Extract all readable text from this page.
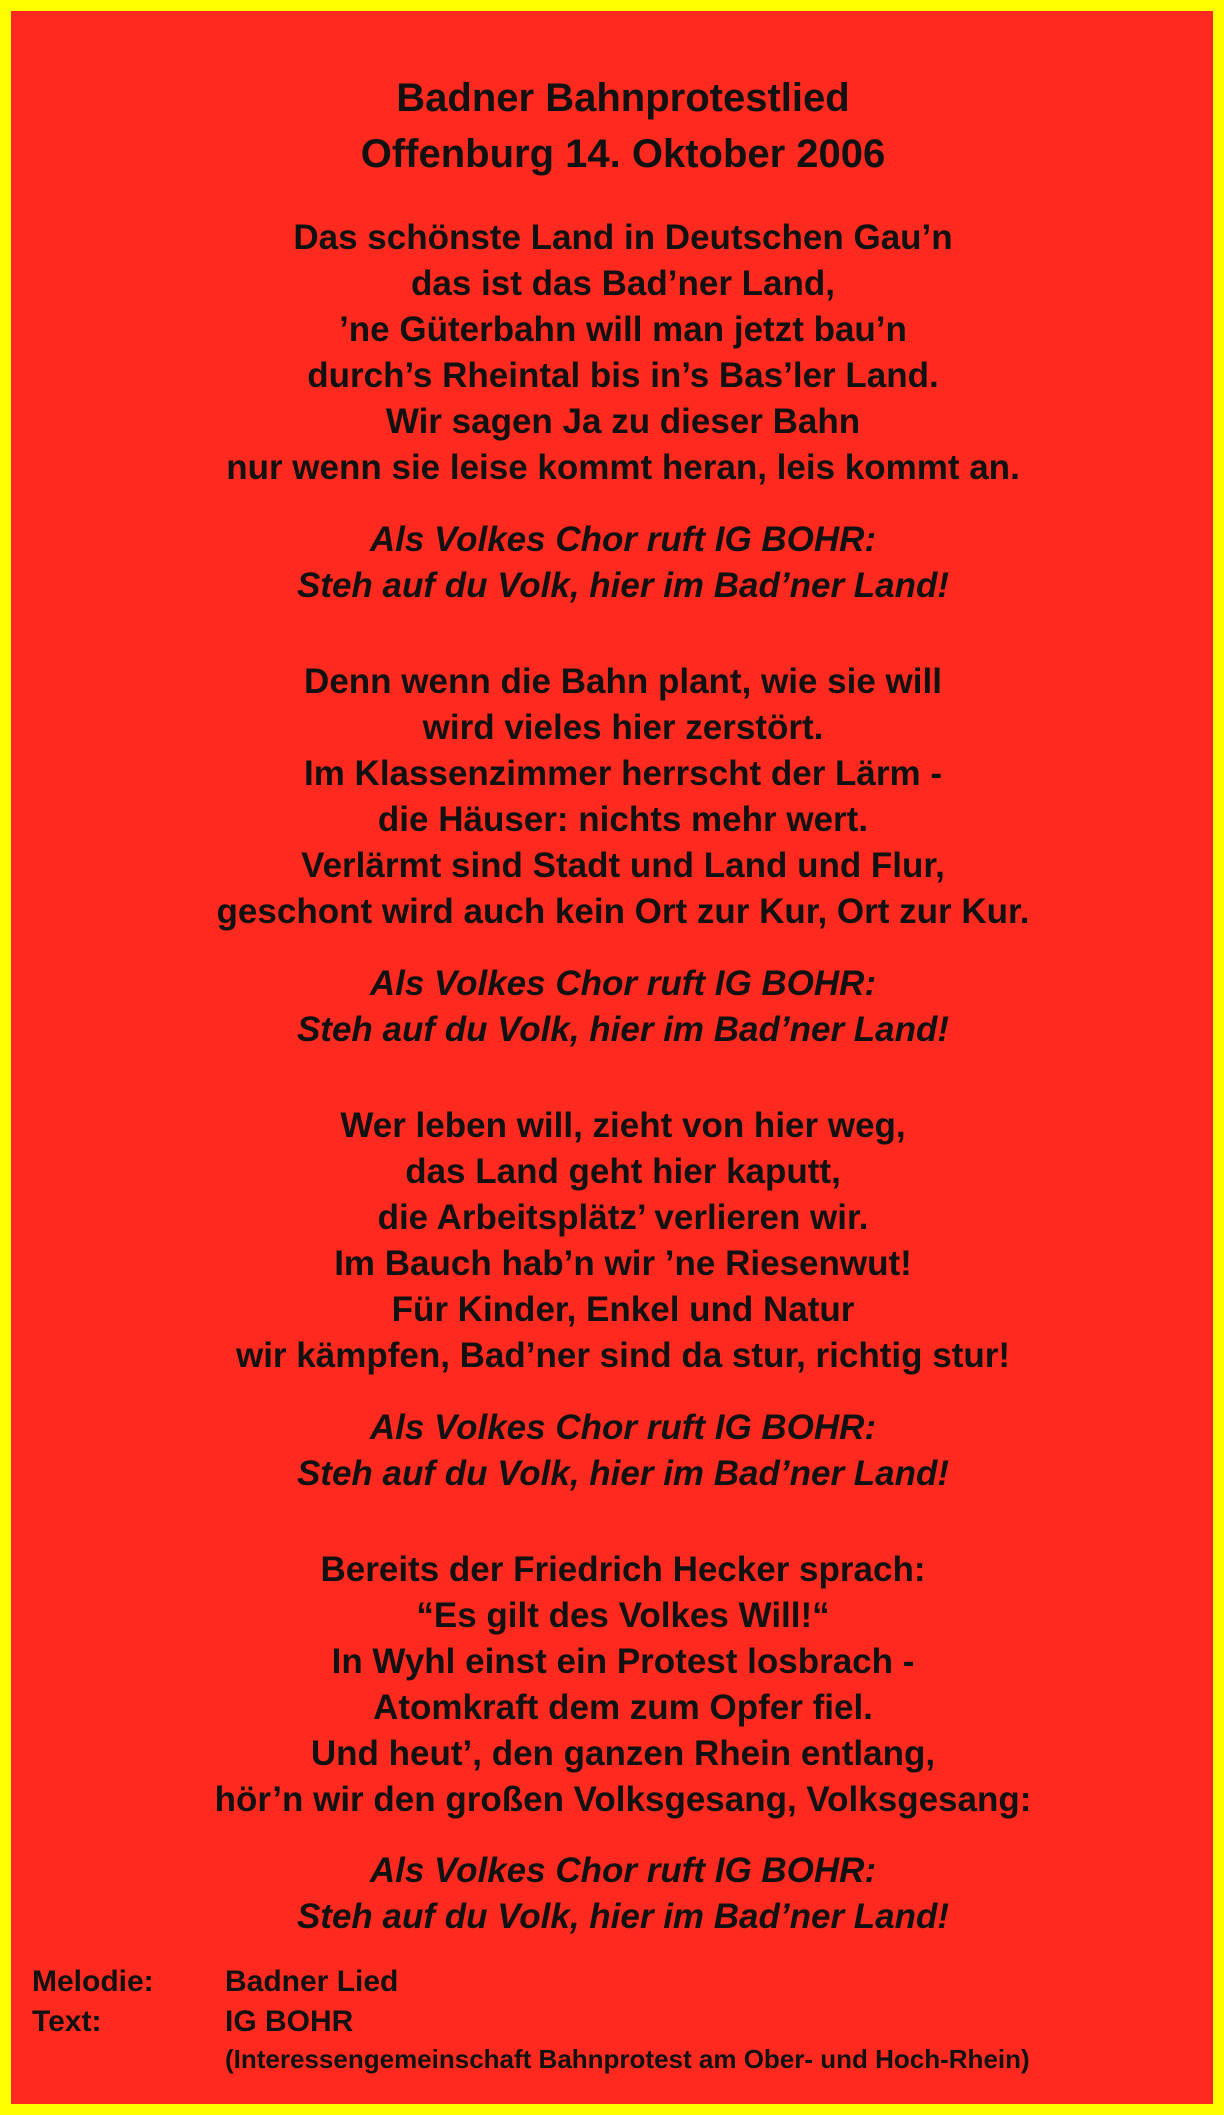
Badner Bahnprotestlied
Offenburg 14. Oktober 2006
Das schönste Land in Deutschen Gau’n
das ist das Bad’ner Land,
’ne Güterbahn will man jetzt bau’n
durch’s Rheintal bis in’s Bas’ler Land.
Wir sagen Ja zu dieser Bahn
nur wenn sie leise kommt heran, leis kommt an.
Als Volkes Chor ruft IG BOHR:
Steh auf du Volk, hier im Bad’ner Land!
Denn wenn die Bahn plant, wie sie will
wird vieles hier zerstört.
Im Klassenzimmer herrscht der Lärm -
die Häuser: nichts mehr wert.
Verlärmt sind Stadt und Land und Flur,
geschont wird auch kein Ort zur Kur, Ort zur Kur.
Als Volkes Chor ruft IG BOHR:
Steh auf du Volk, hier im Bad’ner Land!
Wer leben will, zieht von hier weg,
das Land geht hier kaputt,
die Arbeitsplätz’ verlieren wir.
Im Bauch hab’n wir ’ne Riesenwut!
Für Kinder, Enkel und Natur
wir kämpfen, Bad’ner sind da stur, richtig stur!
Als Volkes Chor ruft IG BOHR:
Steh auf du Volk, hier im Bad’ner Land!
Bereits der Friedrich Hecker sprach:
“Es gilt des Volkes Will!“
In Wyhl einst ein Protest losbrach -
Atomkraft dem zum Opfer fiel.
Und heut’, den ganzen Rhein entlang,
hör’n wir den großen Volksgesang, Volksgesang:
Als Volkes Chor ruft IG BOHR:
Steh auf du Volk, hier im Bad’ner Land!
Melodie:	Badner Lied
Text:	IG BOHR
(Interessengemeinschaft Bahnprotest am Ober- und Hoch-Rhein)
